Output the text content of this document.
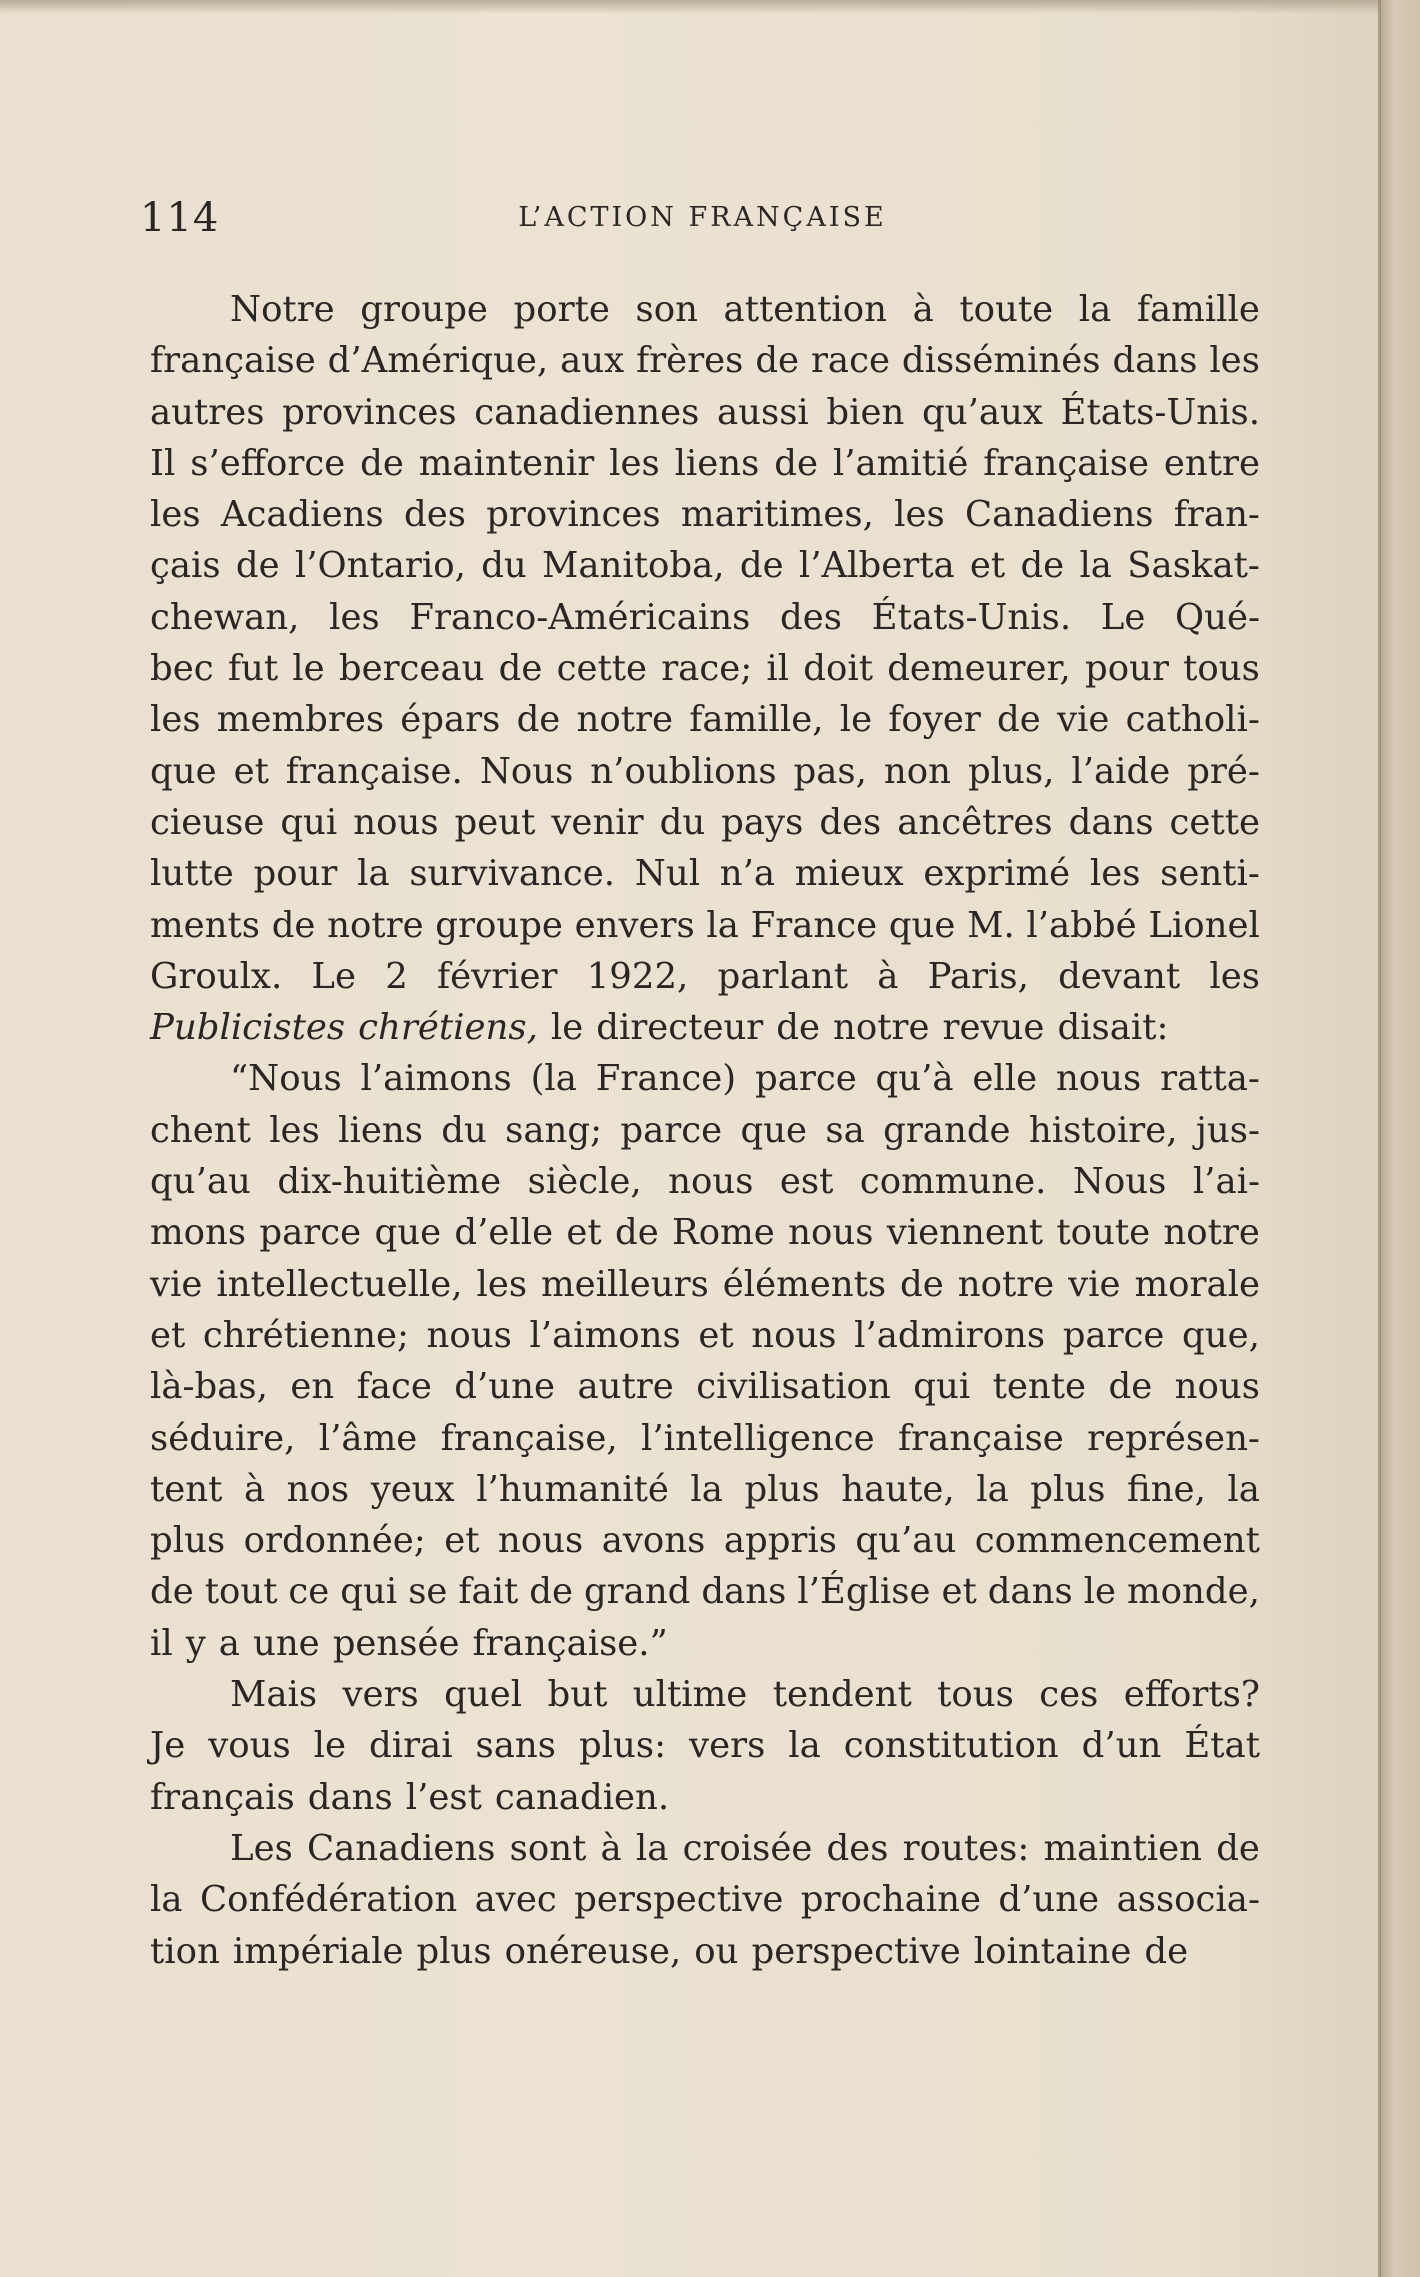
114	L’ACTION FRANÇAISE
Notre groupe porte son attention à toute la famille
française d’Amérique, aux frères de race disséminés dans les
autres provinces canadiennes aussi bien qu’aux États-Unis.
Il s’efforce de maintenir les liens de l’amitié française entre
les Acadiens des provinces maritimes, les Canadiens fran-
çais de l’Ontario, du Manitoba, de l’Alberta et de la Saskat-
chewan, les Franco-Américains des États-Unis. Le Qué-
bec fut le berceau de cette race; il doit demeurer, pour tous
les membres épars de notre famille, le foyer de vie catholi-
que et française. Nous n’oublions pas, non plus, l’aide pré-
cieuse qui nous peut venir du pays des ancêtres dans cette
lutte pour la survivance. Nul n’a mieux exprimé les senti-
ments de notre groupe envers la France que M. l’abbé Lionel
Groulx. Le 2 février 1922, parlant à Paris, devant les
Publicistes chrétiens, le directeur de notre revue disait:
“Nous l’aimons (la France) parce qu’à elle nous ratta-
chent les liens du sang; parce que sa grande histoire, jus-
qu’au dix-huitième siècle, nous est commune. Nous l’ai-
mons parce que d’elle et de Rome nous viennent toute notre
vie intellectuelle, les meilleurs éléments de notre vie morale
et chrétienne; nous l’aimons et nous l’admirons parce que,
là-bas, en face d’une autre civilisation qui tente de nous
séduire, l’âme française, l’intelligence française représen-
tent à nos yeux l’humanité la plus haute, la plus fine, la
plus ordonnée; et nous avons appris qu’au commencement
de tout ce qui se fait de grand dans l’Église et dans le monde,
il y a une pensée française.”
Mais vers quel but ultime tendent tous ces efforts?
Je vous le dirai sans plus: vers la constitution d’un État
français dans l’est canadien.
Les Canadiens sont à la croisée des routes: maintien de
la Confédération avec perspective prochaine d’une associa-
tion impériale plus onéreuse, ou perspective lointaine de
